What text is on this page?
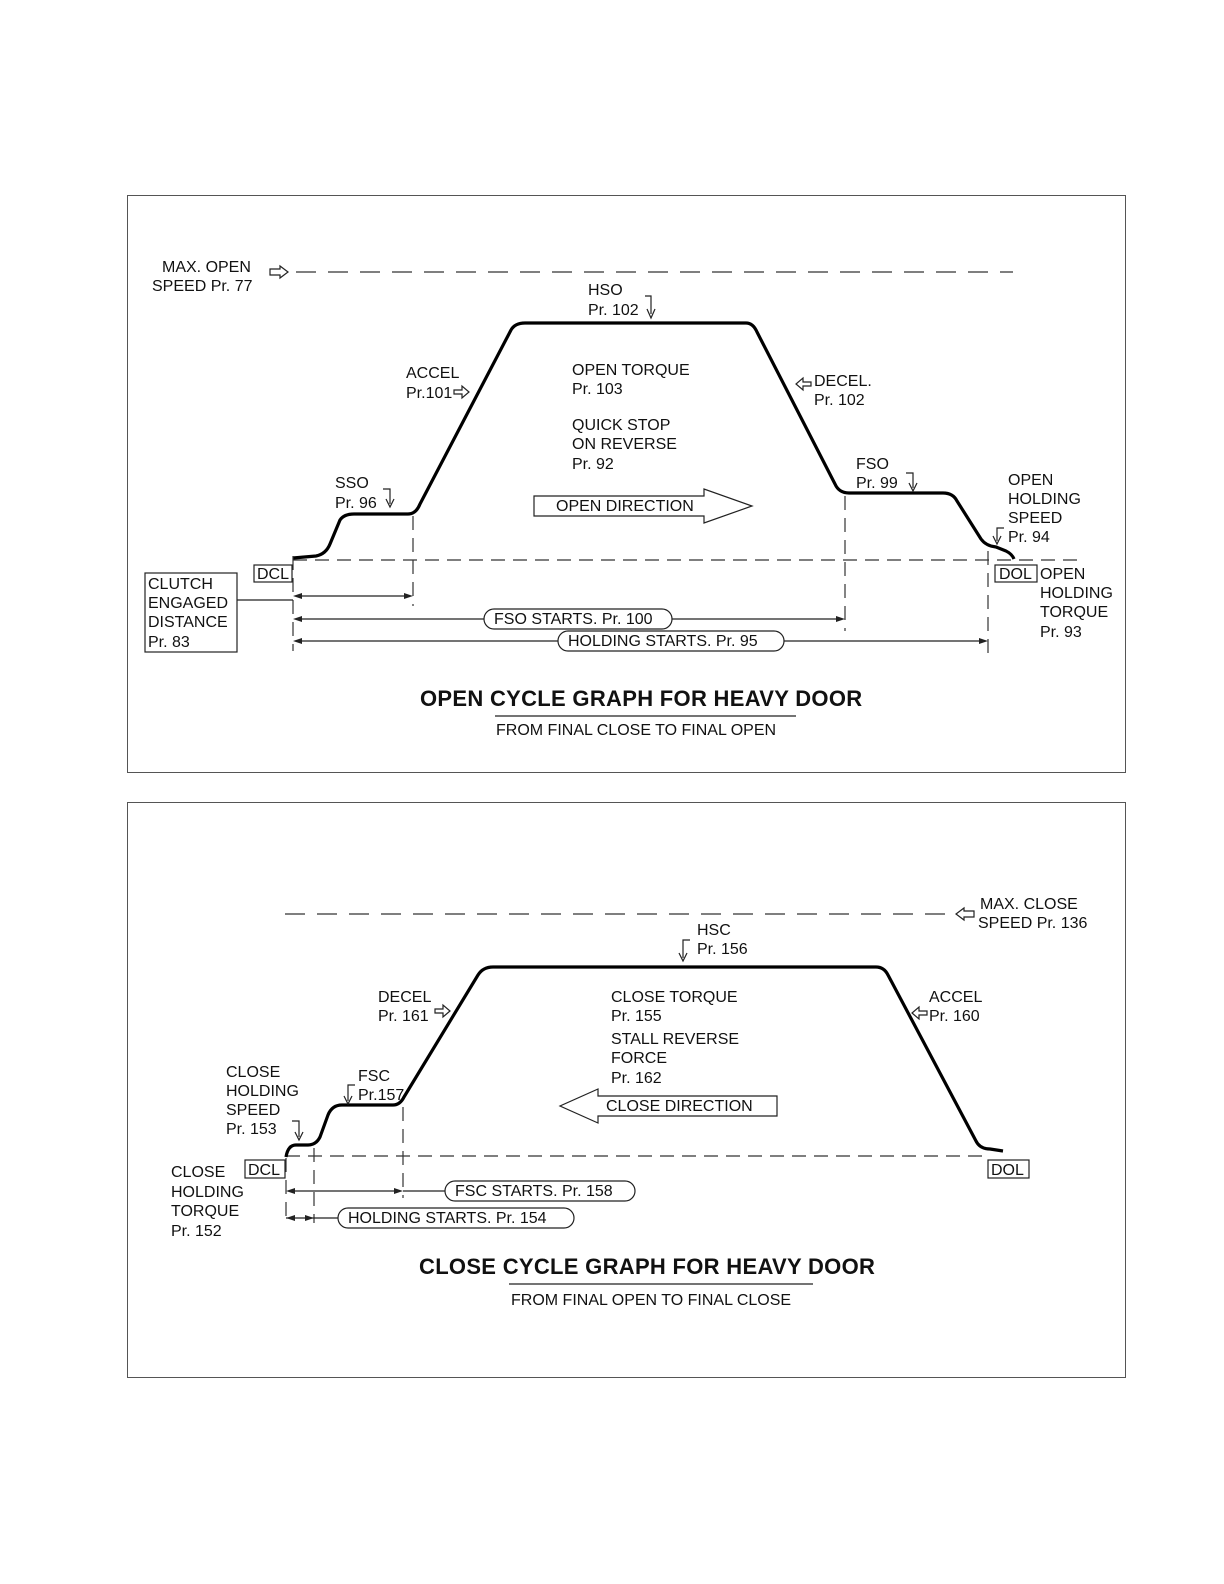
MAX. OPEN
SPEED Pr. 77	HSO
Pr. 102
ACCEL
Pr.101
DECEL.
Pr. 102
OPEN TORQUE
Pr. 103
QUICK STOP
ON REVERSE
Pr. 92
OPEN DIRECTION
SSO
Pr. 96
FSO
Pr. 99	OPEN
HOLDING
SPEED
Pr. 94
DCL	DOL
CLUTCH
ENGAGED
DISTANCE
Pr. 83
OPEN
HOLDING
TORQUE
Pr. 93
FSO STARTS. Pr. 100
HOLDING STARTS. Pr. 95
OPEN CYCLE GRAPH FOR HEAVY DOOR
FROM FINAL CLOSE TO FINAL OPEN
MAX. CLOSE
SPEED Pr. 136
HSC
Pr. 156
DECEL
Pr. 161
ACCEL
Pr. 160
CLOSE TORQUE
Pr. 155
STALL REVERSE
FORCE
Pr. 162
CLOSE DIRECTION
FSC
Pr.157
CLOSE
HOLDING
SPEED
Pr. 153
DCL	DOL
CLOSE
HOLDING
TORQUE
Pr. 152
FSC STARTS. Pr. 158
HOLDING STARTS. Pr. 154
CLOSE CYCLE GRAPH FOR HEAVY DOOR
FROM FINAL OPEN TO FINAL CLOSE
